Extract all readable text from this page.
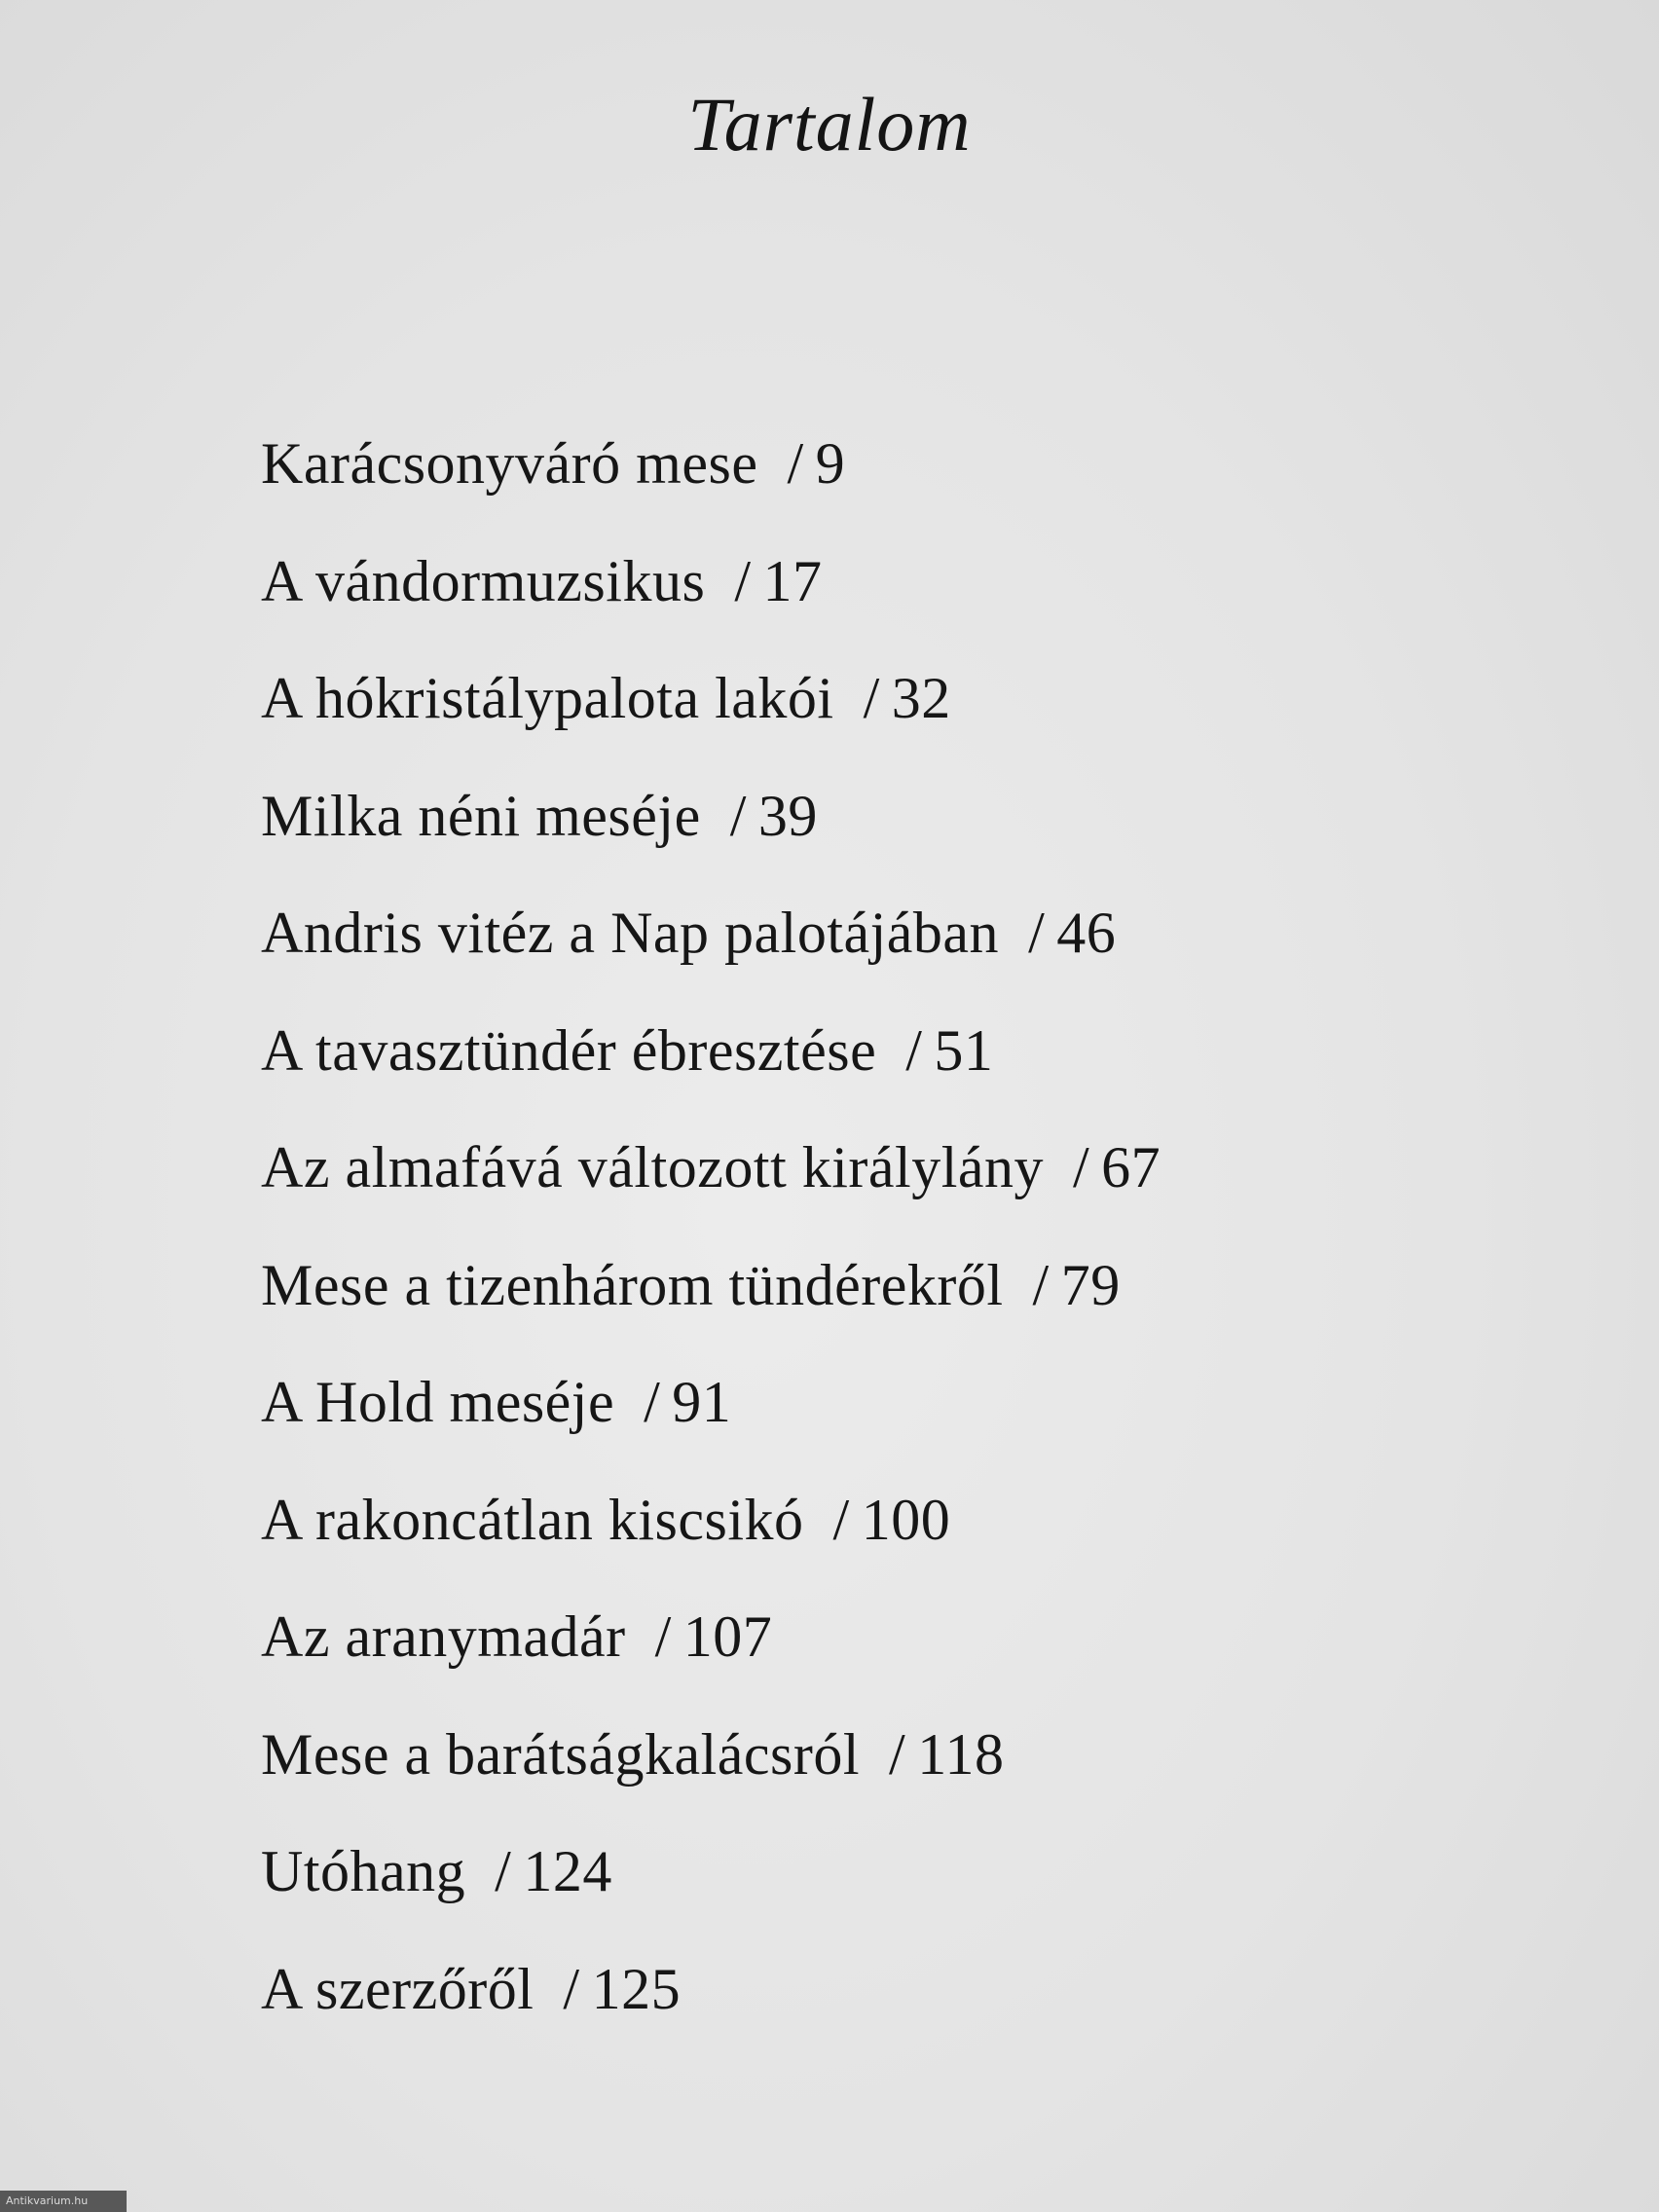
Tartalom
Karácsonyváró mese / 9
A vándormuzsikus / 17
A hókristálypalota lakói / 32
Milka néni meséje / 39
Andris vitéz a Nap palotájában / 46
A tavasztündér ébresztése / 51
Az almafává változott királylány / 67
Mese a tizenhárom tündérekről / 79
A Hold meséje / 91
A rakoncátlan kiscsikó / 100
Az aranymadár / 107
Mese a barátságkalácsról / 118
Utóhang / 124
A szerzőről / 125
Antikvarium.hu
